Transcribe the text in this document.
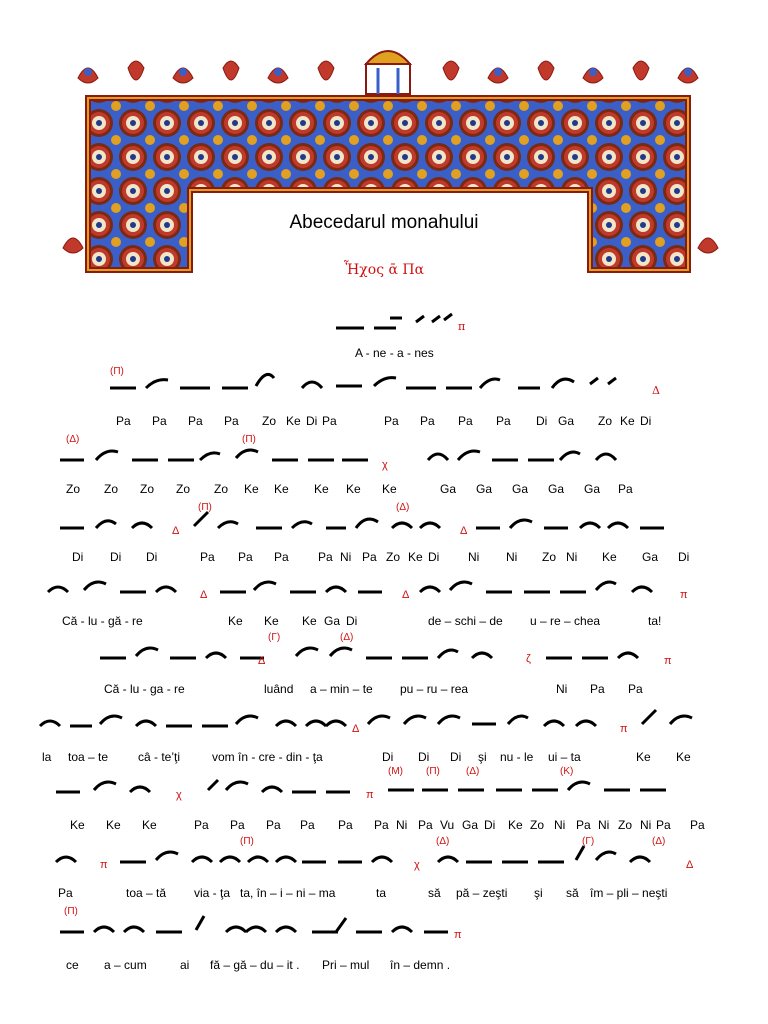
Abecedarul monahului
Ἦχος ᾱ Πα
π
(Π)
Δ
(Δ)	(Π)
χ
(Π)	(Δ)
Δ	Δ
Δ	Δ	π
(Γ)	(Δ)
Δ	ζ	π
Δ	π
(Μ) (Π)	(Δ)	(Κ)
χ	π
(Π)	(Δ)	(Γ)	(Δ)
π	χ	Δ
(Π)
π
A - ne - a - nes
Pa Pa Pa Pa Zo Ke Di Pa	Pa Pa Pa Pa Di Ga Zo Ke Di
Zo Zo Zo Zo Zo Ke Ke Ke Ke Ke	Ga Ga Ga Ga Ga Pa
Di Di Di	Pa Pa Pa Pa Ni Pa Zo Ke Di Ni Ni Zo Ni Ke Ga Di
Că - lu - gă - re	Ke Ke Ke Ga Di	de – schi – de u – re – chea	ta!
Că - lu - ga - re	luând a – min – te pu – ru – rea	Ni Pa Pa
la toa – te câ - te’ţi	vom în - cre - din - ţa	Di Di Di şi nu - le ui – ta	Ke Ke
Ke Ke Ke	Pa Pa Pa Pa Pa Pa Ni Pa Vu Ga Di Ke Zo Ni Pa Ni Zo Ni Pa Pa
Pa	toa – tă via - ţa ta, în – i – ni – ma	ta	să pă – zeşti şi să îm – pli – neşti
ce a – cum	ai fă – gă – du – it . Pri – mul în – demn .
